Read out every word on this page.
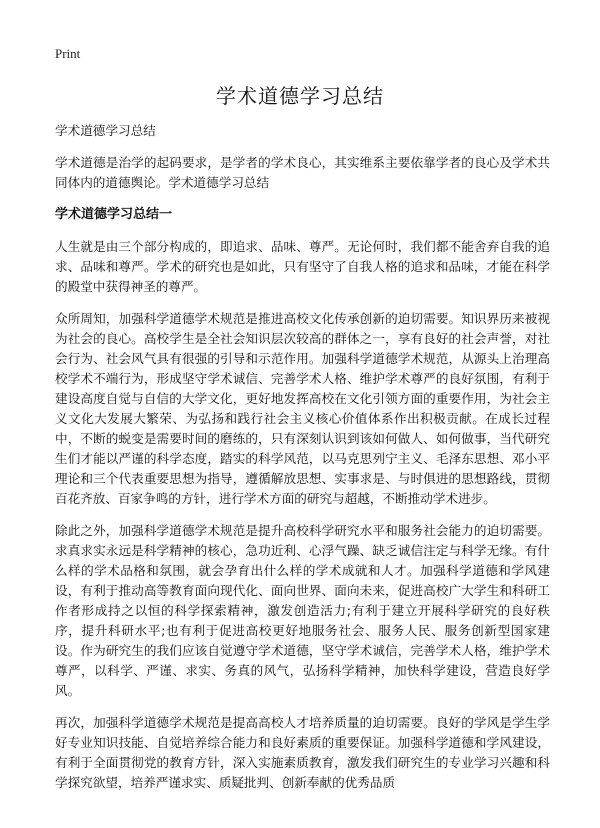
Print
学术道德学习总结

学术道德学习总结

学术道德是治学的起码要求，是学者的学术良心，其实维系主要依靠学者的良心及学术共同体内的道德舆论。学术道德学习总结

学术道德学习总结一

人生就是由三个部分构成的，即追求、品味、尊严。无论何时，我们都不能舍弃自我的追求、品味和尊严。学术的研究也是如此，只有坚守了自我人格的追求和品味，才能在科学的殿堂中获得神圣的尊严。

众所周知，加强科学道德学术规范是推进高校文化传承创新的迫切需要。知识界历来被视为社会的良心。高校学生是全社会知识层次较高的群体之一，享有良好的社会声誉，对社会行为、社会风气具有很强的引导和示范作用。加强科学道德学术规范，从源头上治理高校学术不端行为，形成坚守学术诚信、完善学术人格、维护学术尊严的良好氛围，有利于建设高度自觉与自信的大学文化，更好地发挥高校在文化引领方面的重要作用，为社会主义文化大发展大繁荣、为弘扬和践行社会主义核心价值体系作出积极贡献。在成长过程中，不断的蜕变是需要时间的磨练的，只有深刻认识到该如何做人、如何做事，当代研究生们才能以严谨的科学态度，踏实的科学风范，以马克思列宁主义、毛泽东思想、邓小平理论和三个代表重要思想为指导，遵循解放思想、实事求是、与时俱进的思想路线，贯彻百花齐放、百家争鸣的方针，进行学术方面的研究与超越，不断推动学术进步。

除此之外，加强科学道德学术规范是提升高校科学研究水平和服务社会能力的迫切需要。求真求实永远是科学精神的核心，急功近利、心浮气躁、缺乏诚信注定与科学无缘。有什么样的学术品格和氛围，就会孕育出什么样的学术成就和人才。加强科学道德和学风建设，有利于推动高等教育面向现代化、面向世界、面向未来，促进高校广大学生和科研工作者形成持之以恒的科学探索精神，激发创造活力;有利于建立开展科学研究的良好秩序，提升科研水平;也有利于促进高校更好地服务社会、服务人民、服务创新型国家建设。作为研究生的我们应该自觉遵守学术道德，坚守学术诚信，完善学术人格，维护学术尊严，以科学、严谨、求实、务真的风气，弘扬科学精神，加快科学建设，营造良好学风。

再次，加强科学道德学术规范是提高高校人才培养质量的迫切需要。良好的学风是学生学好专业知识技能、自觉培养综合能力和良好素质的重要保证。加强科学道德和学风建设，有利于全面贯彻党的教育方针，深入实施素质教育，激发我们研究生的专业学习兴趣和科学探究欲望，培养严谨求实、质疑批判、创新奉献的优秀品质
